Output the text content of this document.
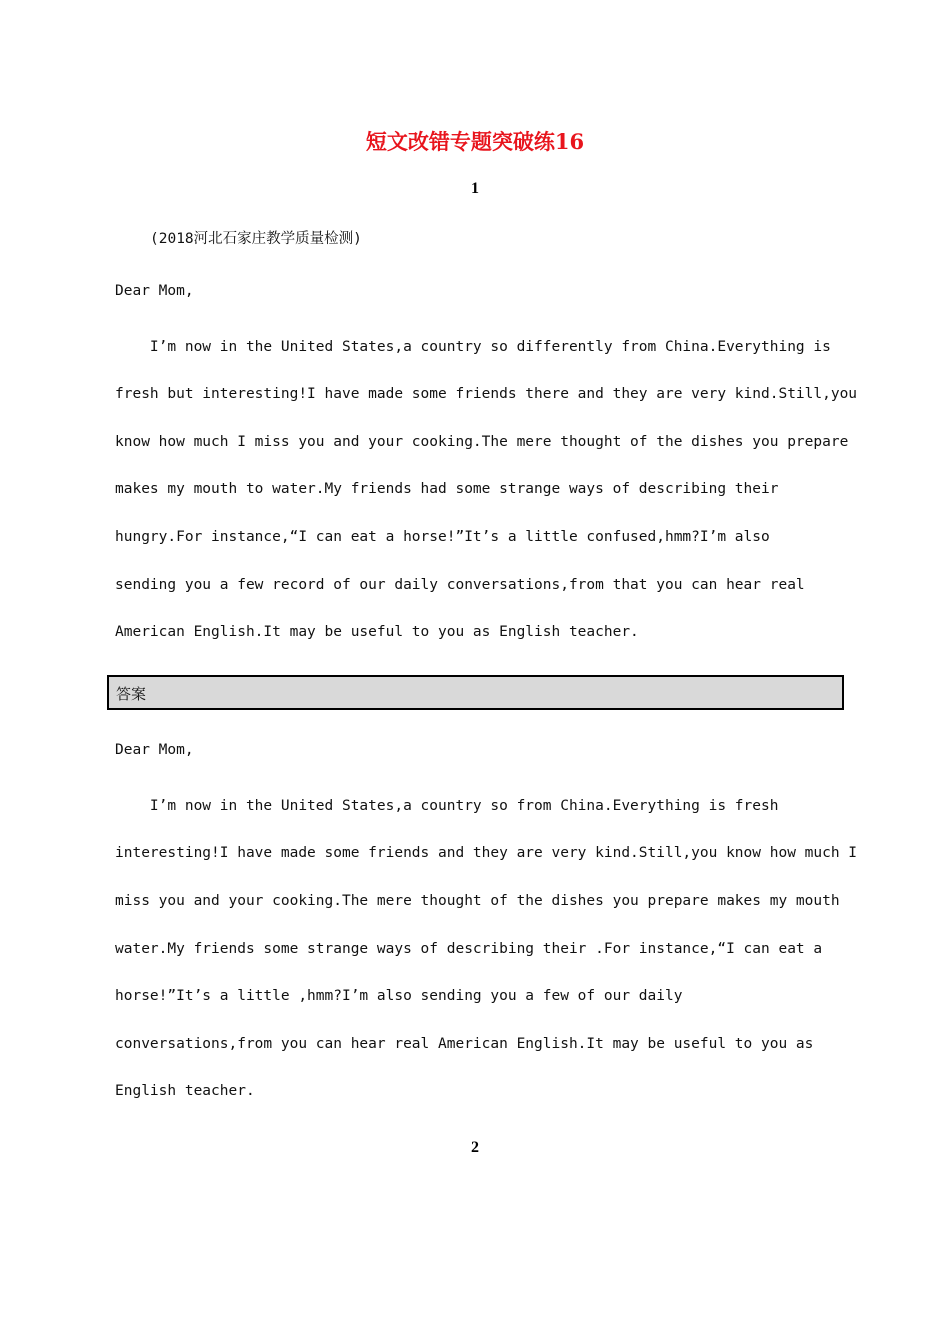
短文改错专题突破练16
1
(2018河北石家庄教学质量检测)
Dear Mom,
I’m now in the United States,a country so differently from China.Everything is
fresh but interesting!I have made some friends there and they are very kind.Still,you
know how much I miss you and your cooking.The mere thought of the dishes you prepare
makes my mouth to water.My friends had some strange ways of describing their
hungry.For instance,“I can eat a horse!”It’s a little confused,hmm?I’m also
sending you a few record of our daily conversations,from that you can hear real
American English.It may be useful to you as English teacher.
答案
Dear Mom,
I’m now in the United States,a country so from China.Everything is fresh
interesting!I have made some friends and they are very kind.Still,you know how much I
miss you and your cooking.The mere thought of the dishes you prepare makes my mouth
water.My friends some strange ways of describing their .For instance,“I can eat a
horse!”It’s a little ,hmm?I’m also sending you a few of our daily
conversations,from you can hear real American English.It may be useful to you as
English teacher.
2
